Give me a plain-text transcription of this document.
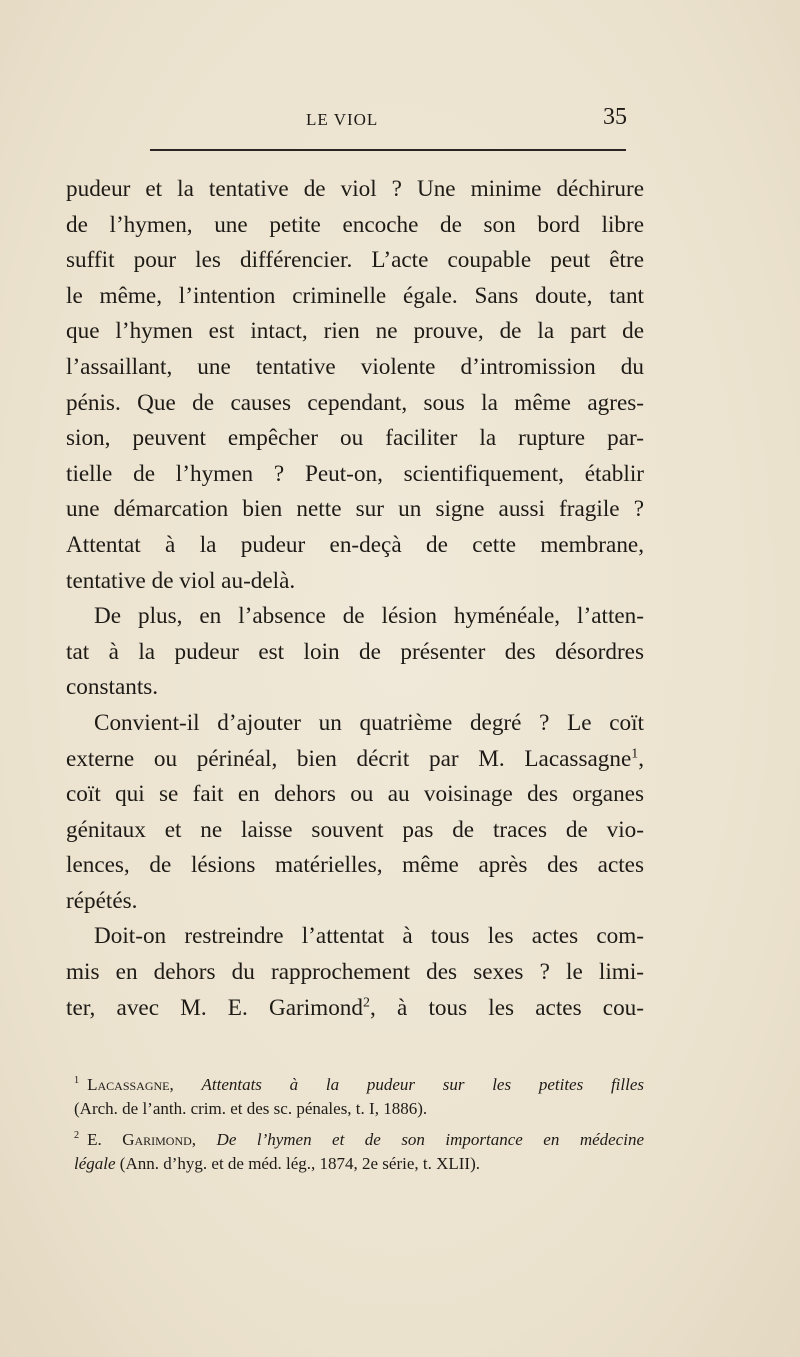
LE VIOL	35

pudeur et la tentative de viol ? Une minime déchirure
de l’hymen, une petite encoche de son bord libre
suffit pour les différencier. L’acte coupable peut être
le même, l’intention criminelle égale. Sans doute, tant
que l’hymen est intact, rien ne prouve, de la part de
l’assaillant, une tentative violente d’intromission du
pénis. Que de causes cependant, sous la même agres-
sion, peuvent empêcher ou faciliter la rupture par-
tielle de l’hymen ? Peut-on, scientifiquement, établir
une démarcation bien nette sur un signe aussi fragile ?
Attentat à la pudeur en-deçà de cette membrane,
tentative de viol au-delà.

De plus, en l’absence de lésion hyménéale, l’atten-
tat à la pudeur est loin de présenter des désordres
constants.

Convient-il d’ajouter un quatrième degré ? Le coït
externe ou périnéal, bien décrit par M. Lacassagne$^1$,
coït qui se fait en dehors ou au voisinage des organes
génitaux et ne laisse souvent pas de traces de vio-
lences, de lésions matérielles, même après des actes
répétés.

Doit-on restreindre l’attentat à tous les actes com-
mis en dehors du rapprochement des sexes ? le limi-
ter, avec M. E. Garimond$^2$, à tous les actes cou-

$^1$ Lacassagne, Attentats à la pudeur sur les petites filles
(Arch. de l’anth. crim. et des sc. pénales, t. I, 1886).

$^2$ E. Garimond, De l’hymen et de son importance en médecine
légale (Ann. d’hyg. et de méd. lég., 1874, 2e série, t. XLII).
